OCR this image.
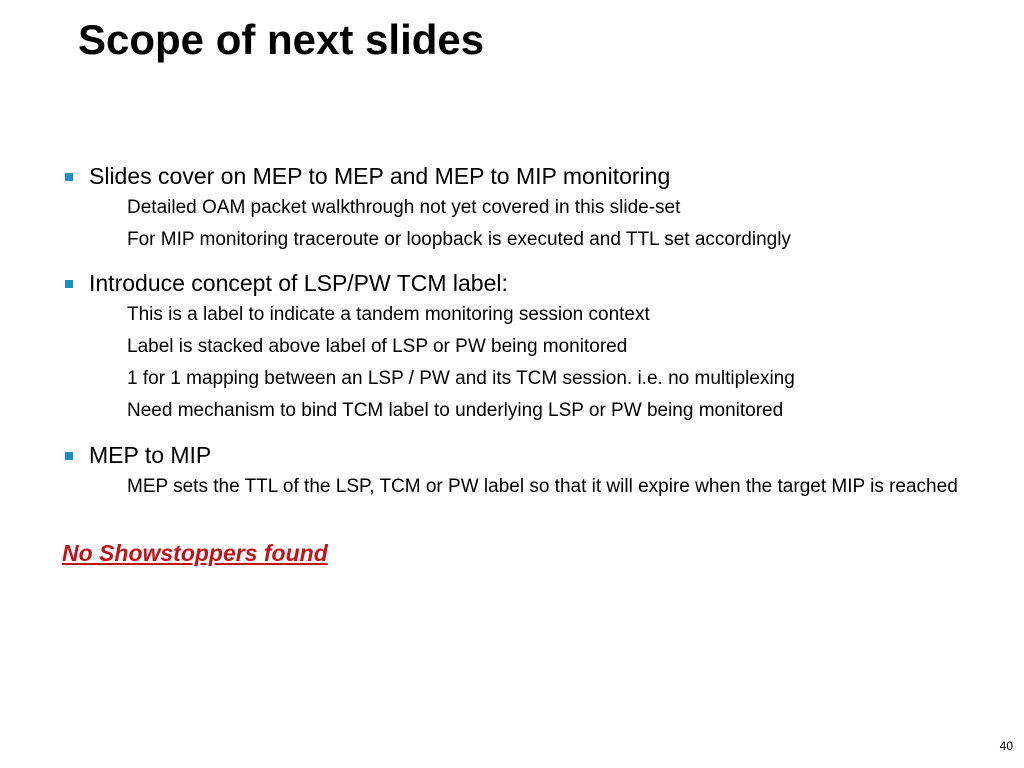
Scope of next slides
Slides cover on MEP to MEP and MEP to MIP monitoring
Detailed OAM packet walkthrough not yet covered in this slide-set
For MIP monitoring traceroute or loopback is executed and TTL set accordingly
Introduce concept of LSP/PW TCM label:
This is a label to indicate a tandem monitoring session context
Label is stacked above label of LSP or PW being monitored
1 for 1 mapping between an LSP / PW and its TCM session. i.e. no multiplexing
Need mechanism to bind TCM label to underlying LSP or PW being monitored
MEP to MIP
MEP sets the TTL of the LSP, TCM or PW label so that it will expire when the target MIP is reached
No Showstoppers found
40
